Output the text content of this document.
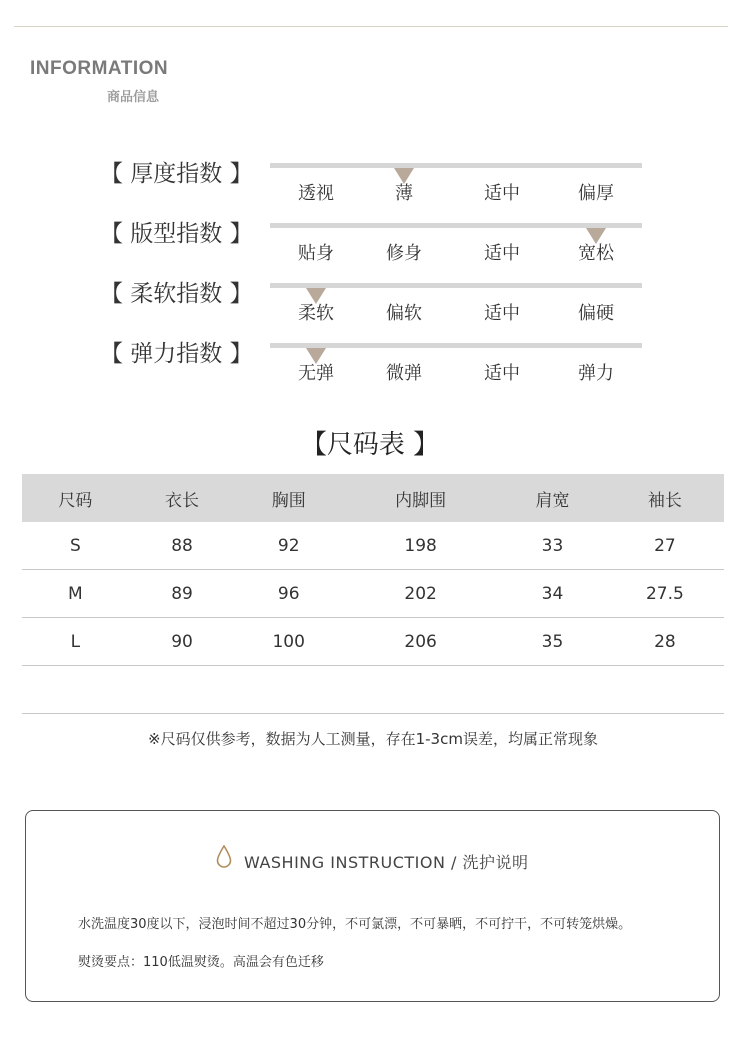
INFORMATION
商品信息
【 厚度指数 】
透视	薄	适中	偏厚
【 版型指数 】
贴身	修身	适中	宽松
【 柔软指数 】
柔软	偏软	适中	偏硬
【 弹力指数 】
无弹	微弹	适中	弹力
【尺码表 】
尺码	衣长	胸围	内脚围	肩宽	袖长
S	88	92	198	33	27
M	89	96	202	34	27.5
L	90	100	206	35	28

※尺码仅供参考，数据为人工测量，存在1-3cm误差，均属正常现象
WASHING INSTRUCTION / 洗护说明
水洗温度30度以下，浸泡时间不超过30分钟，不可氯漂，不可暴晒，不可拧干，不可转笼烘燥。
熨烫要点：110低温熨烫。高温会有色迁移
